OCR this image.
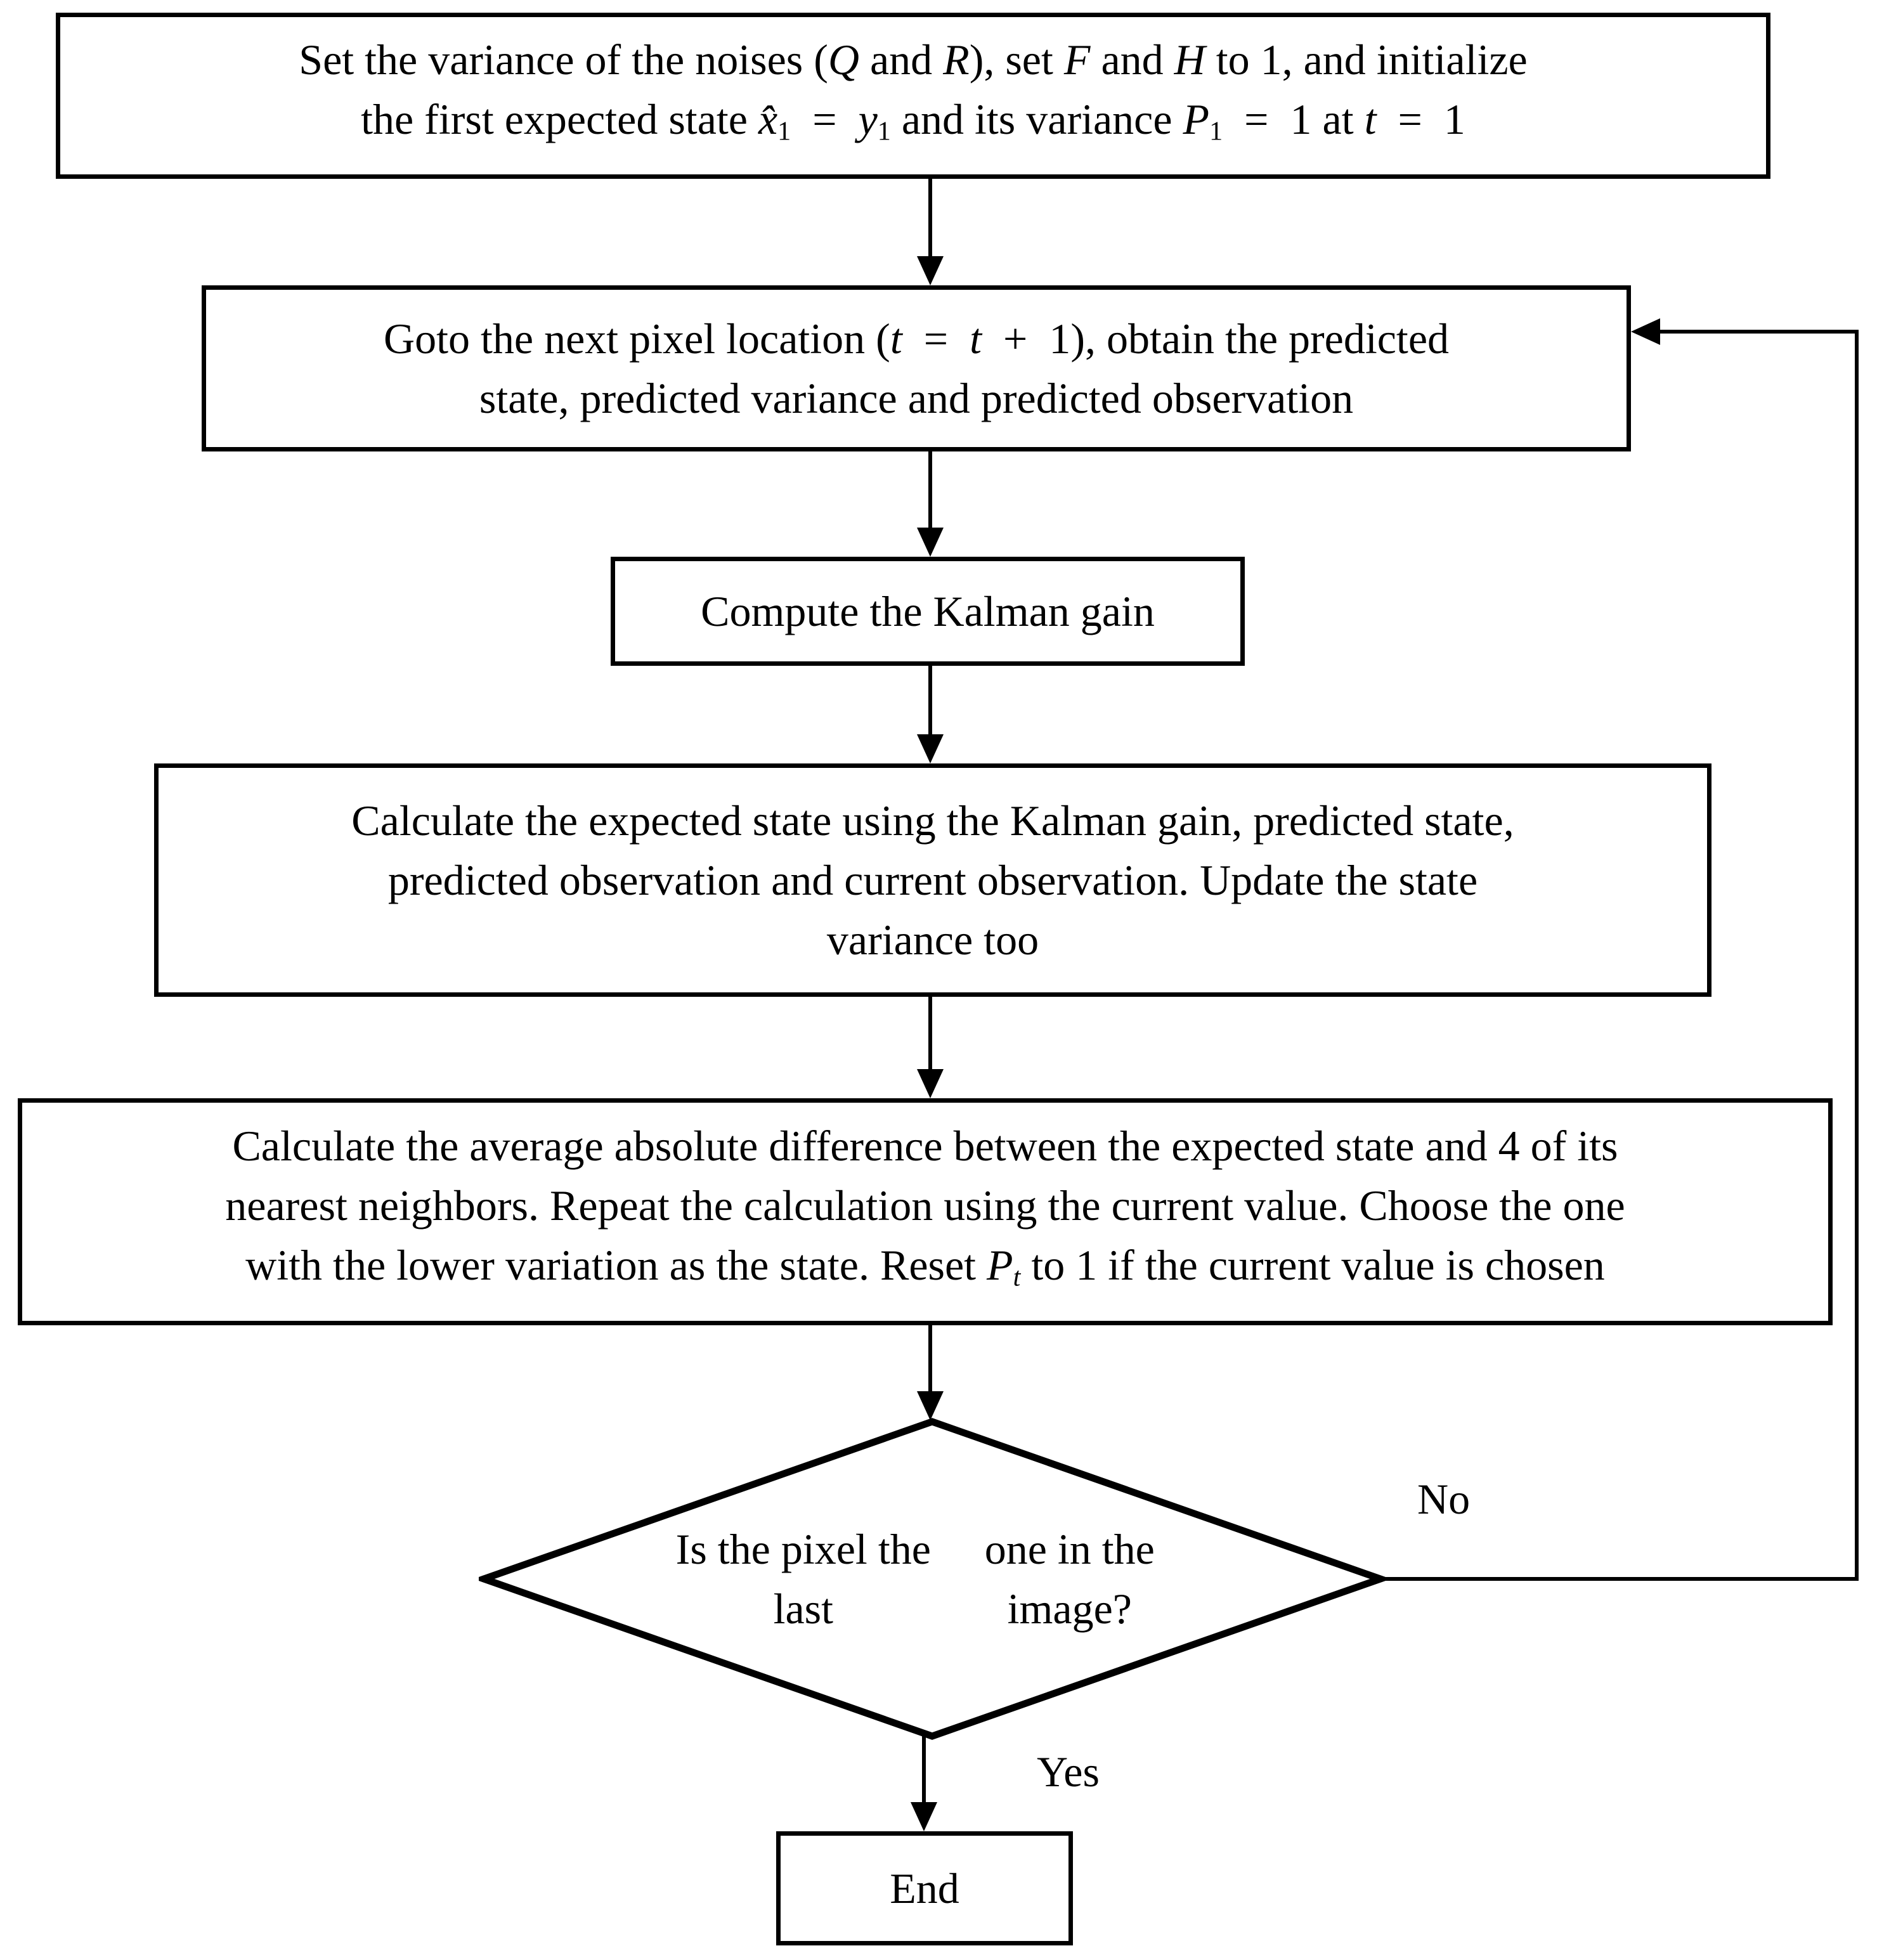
Set the variance of the noises (Q and R), set F and H to 1, and initialize
the first expected state $x̂_1$ = $y_1$ and its variance $P_1$ = 1 at t = 1
Goto the next pixel location (t = t + 1), obtain the predicted
state, predicted variance and predicted observation
Compute the Kalman gain
Calculate the expected state using the Kalman gain, predicted state,
predicted observation and current observation. Update the state
variance too
Calculate the average absolute difference between the expected state and 4 of its
nearest neighbors. Repeat the calculation using the current value. Choose the one
with the lower variation as the state. Reset $P_t$ to 1 if the current value is chosen
Is the pixel the last

one in the image?
No
Yes
End
